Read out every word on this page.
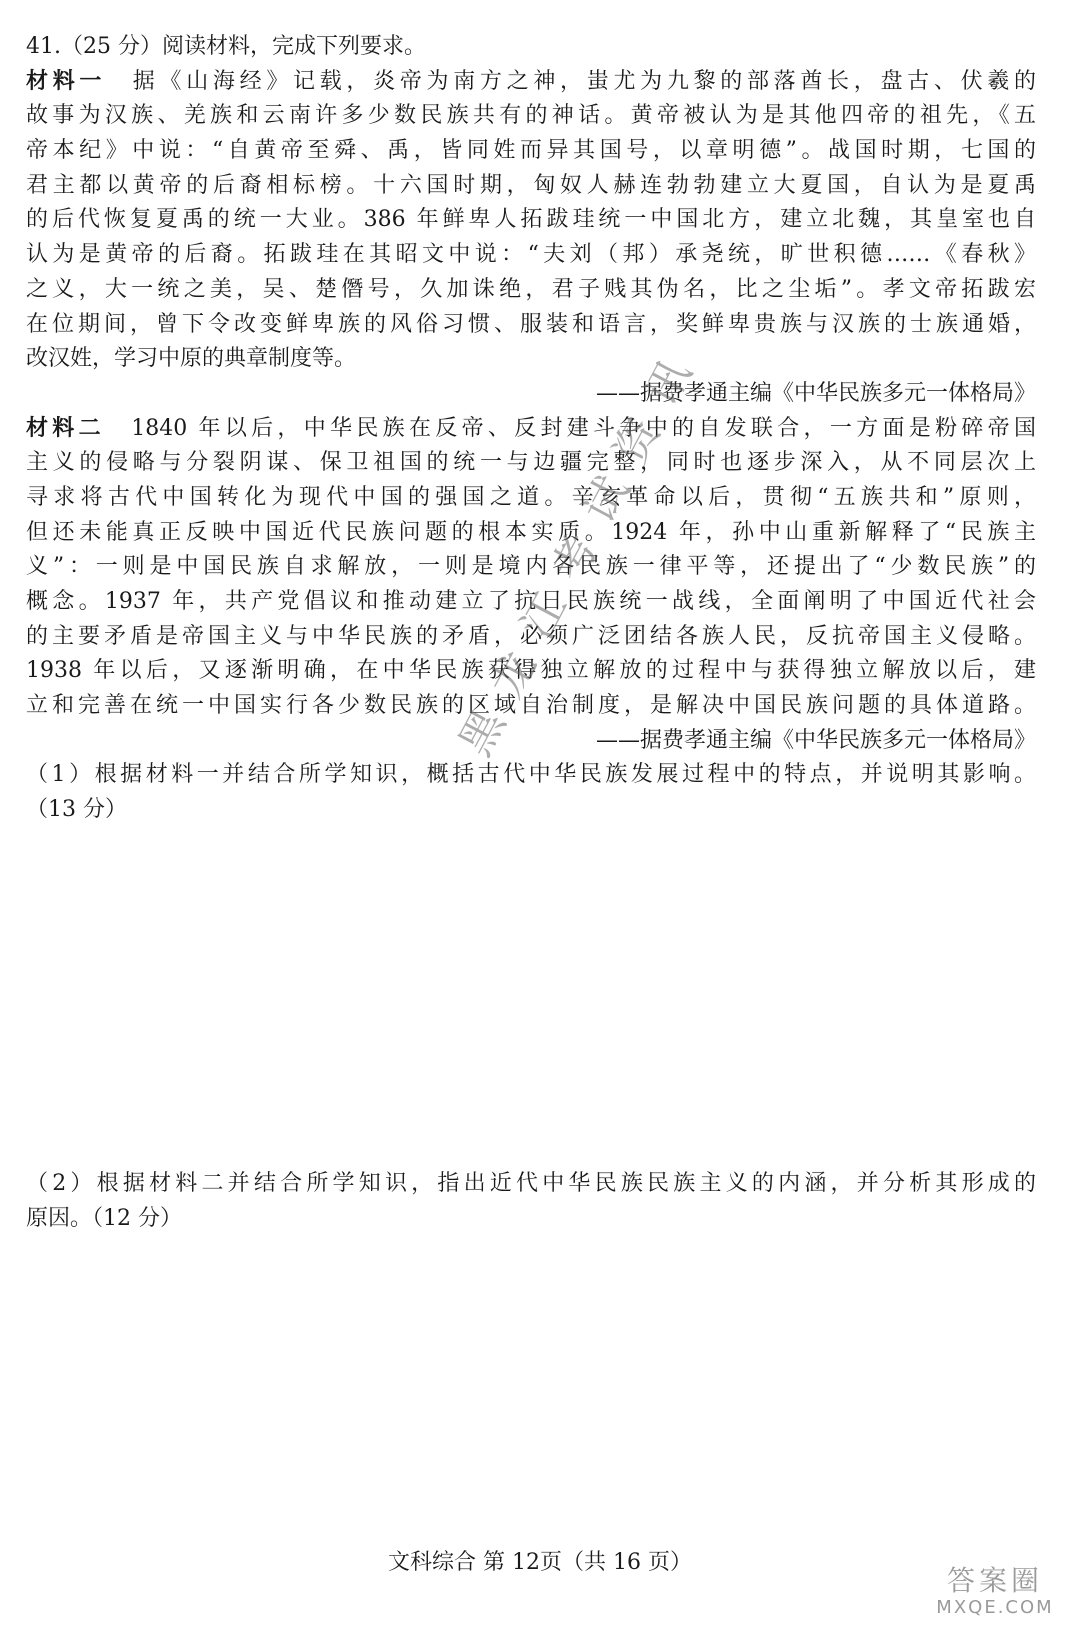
41.（25 分）阅读材料，完成下列要求。
材料一　据《山海经》记载，炎帝为南方之神，蚩尤为九黎的部落酋长，盘古、伏羲的
故事为汉族、羌族和云南许多少数民族共有的神话。黄帝被认为是其他四帝的祖先，《五
帝本纪》中说：“自黄帝至舜、禹，皆同姓而异其国号，以章明德”。战国时期，七国的
君主都以黄帝的后裔相标榜。十六国时期，匈奴人赫连勃勃建立大夏国，自认为是夏禹
的后代恢复夏禹的统一大业。386 年鲜卑人拓跋珪统一中国北方，建立北魏，其皇室也自
认为是黄帝的后裔。拓跋珪在其昭文中说：“夫刘（邦）承尧统，旷世积德……《春秋》
之义，大一统之美，吴、楚僭号，久加诛绝，君子贱其伪名，比之尘垢”。孝文帝拓跋宏
在位期间，曾下令改变鲜卑族的风俗习惯、服装和语言，奖鲜卑贵族与汉族的士族通婚，
改汉姓，学习中原的典章制度等。
——据费孝通主编《中华民族多元一体格局》
材料二　1840 年以后，中华民族在反帝、反封建斗争中的自发联合，一方面是粉碎帝国
主义的侵略与分裂阴谋、保卫祖国的统一与边疆完整，同时也逐步深入，从不同层次上
寻求将古代中国转化为现代中国的强国之道。辛亥革命以后，贯彻“五族共和”原则，
但还未能真正反映中国近代民族问题的根本实质。1924 年，孙中山重新解释了“民族主
义”：一则是中国民族自求解放，一则是境内各民族一律平等，还提出了“少数民族”的
概念。1937 年，共产党倡议和推动建立了抗日民族统一战线，全面阐明了中国近代社会
的主要矛盾是帝国主义与中华民族的矛盾，必须广泛团结各族人民，反抗帝国主义侵略。
1938 年以后，又逐渐明确，在中华民族获得独立解放的过程中与获得独立解放以后，建
立和完善在统一中国实行各少数民族的区域自治制度，是解决中国民族问题的具体道路。
——据费孝通主编《中华民族多元一体格局》
（1）根据材料一并结合所学知识，概括古代中华民族发展过程中的特点，并说明其影响。
（13 分）
（2）根据材料二并结合所学知识，指出近代中华民族民族主义的内涵，并分析其形成的
原因。（12 分）
黑龙江考试资讯
文科综合 第 12页（共 16 页）
答案圈
MXQE.COM
